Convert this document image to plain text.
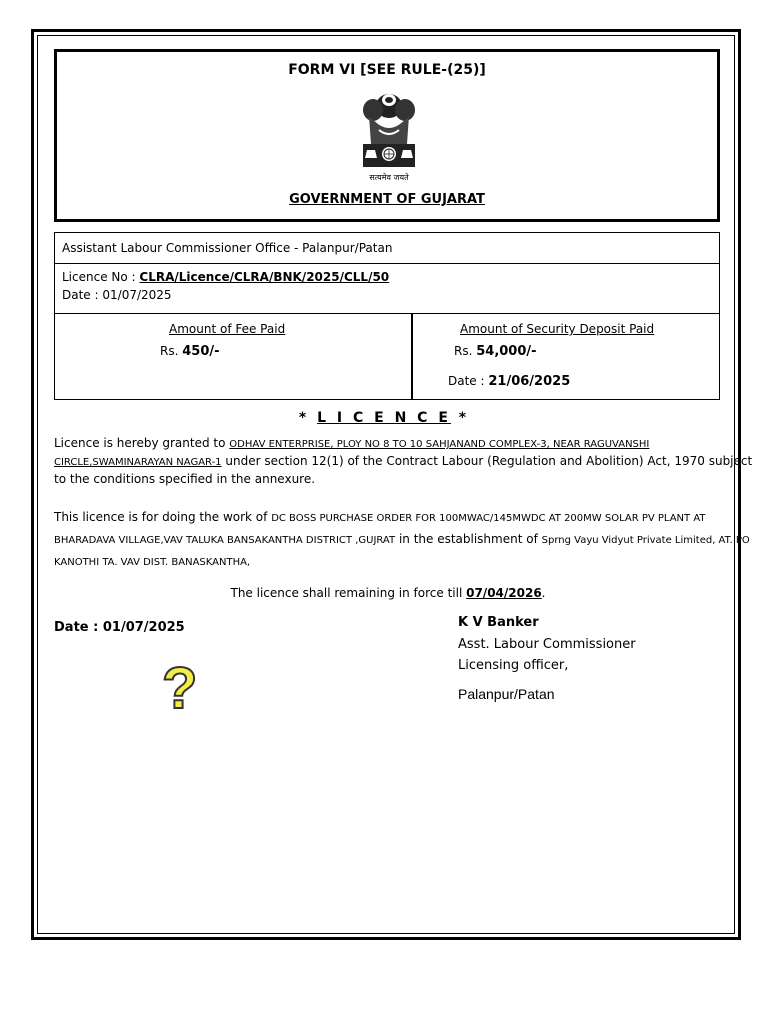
FORM VI [SEE RULE-(25)]
सत्यमेव जयते
GOVERNMENT OF GUJARAT
Assistant Labour Commissioner Office - Palanpur/Patan
Licence No : CLRA/Licence/CLRA/BNK/2025/CLL/50
Date : 01/07/2025
Amount of Fee Paid
Rs. 450/-
Amount of Security Deposit Paid
Rs. 54,000/-
Date : 21/06/2025
* L I C E N C E *
Licence is hereby granted to ODHAV ENTERPRISE, PLOY NO 8 TO 10 SAHJANAND COMPLEX-3, NEAR RAGUVANSHI CIRCLE,SWAMINARAYAN NAGAR-1 under section 12(1) of the Contract Labour (Regulation and Abolition) Act, 1970 subject to the conditions specified in the annexure.
This licence is for doing the work of DC BOSS PURCHASE ORDER FOR 100MWAC/145MWDC AT 200MW SOLAR PV PLANT AT BHARADAVA VILLAGE,VAV TALUKA BANSAKANTHA DISTRICT ,GUJRAT in the establishment of Sprng Vayu Vidyut Private Limited, AT. PO KANOTHI TA. VAV DIST. BANASKANTHA,
The licence shall remaining in force till 07/04/2026.
Date : 01/07/2025
?
K V Banker
Asst. Labour Commissioner
Licensing officer,
Palanpur/Patan
